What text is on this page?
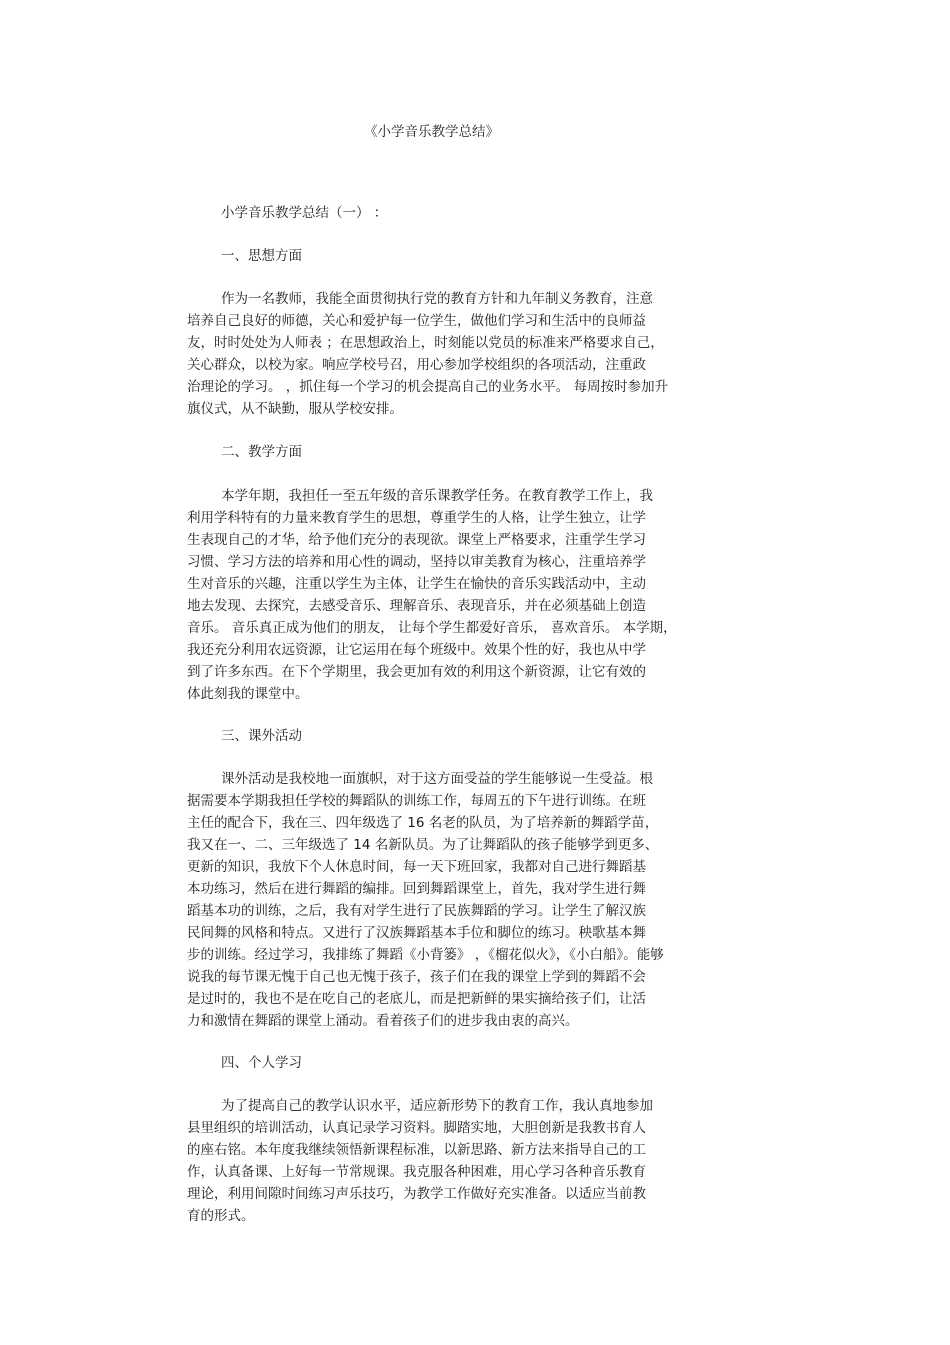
《小学音乐教学总结》
小学音乐教学总结（一） ：
一、思想方面
作为一名教师，我能全面贯彻执行党的教育方针和九年制义务教育，注意
培养自己良好的师德，关心和爱护每一位学生，做他们学习和生活中的良师益
友，时时处处为人师表 ；在思想政治上，时刻能以党员的标准来严格要求自己，
关心群众，以校为家。响应学校号召，用心参加学校组织的各项活动，注重政
治理论的学习。 ，抓住每一个学习的机会提高自己的业务水平。 每周按时参加升
旗仪式，从不缺勤，服从学校安排。
二、教学方面
本学年期，我担任一至五年级的音乐课教学任务。在教育教学工作上，我
利用学科特有的力量来教育学生的思想，尊重学生的人格，让学生独立，让学
生表现自己的才华，给予他们充分的表现欲。课堂上严格要求，注重学生学习
习惯、学习方法的培养和用心性的调动，坚持以审美教育为核心，注重培养学
生对音乐的兴趣，注重以学生为主体，让学生在愉快的音乐实践活动中，主动
地去发现、去探究，去感受音乐、理解音乐、表现音乐，并在必须基础上创造
音乐。 音乐真正成为他们的朋友， 让每个学生都爱好音乐， 喜欢音乐。 本学期，
我还充分利用农远资源，让它运用在每个班级中。效果个性的好，我也从中学
到了许多东西。在下个学期里，我会更加有效的利用这个新资源，让它有效的
体此刻我的课堂中。
三、课外活动
课外活动是我校地一面旗帜，对于这方面受益的学生能够说一生受益。根
据需要本学期我担任学校的舞蹈队的训练工作，每周五的下午进行训练。在班
主任的配合下，我在三、四年级选了 16 名老的队员，为了培养新的舞蹈学苗，
我又在一、二、三年级选了 14 名新队员。为了让舞蹈队的孩子能够学到更多、
更新的知识，我放下个人休息时间，每一天下班回家，我都对自己进行舞蹈基
本功练习，然后在进行舞蹈的编排。回到舞蹈课堂上，首先，我对学生进行舞
蹈基本功的训练，之后，我有对学生进行了民族舞蹈的学习。让学生了解汉族
民间舞的风格和特点。又进行了汉族舞蹈基本手位和脚位的练习。秧歌基本舞
步的训练。经过学习，我排练了舞蹈《小背篓》 ，《榴花似火》，《小白船》。能够
说我的每节课无愧于自己也无愧于孩子，孩子们在我的课堂上学到的舞蹈不会
是过时的，我也不是在吃自己的老底儿，而是把新鲜的果实摘给孩子们，让活
力和激情在舞蹈的课堂上涌动。看着孩子们的进步我由衷的高兴。
四、个人学习
为了提高自己的教学认识水平，适应新形势下的教育工作，我认真地参加
县里组织的培训活动，认真记录学习资料。脚踏实地，大胆创新是我教书育人
的座右铭。本年度我继续领悟新课程标准，以新思路、新方法来指导自己的工
作，认真备课、上好每一节常规课。我克服各种困难，用心学习各种音乐教育
理论，利用间隙时间练习声乐技巧，为教学工作做好充实准备。以适应当前教
育的形式。
